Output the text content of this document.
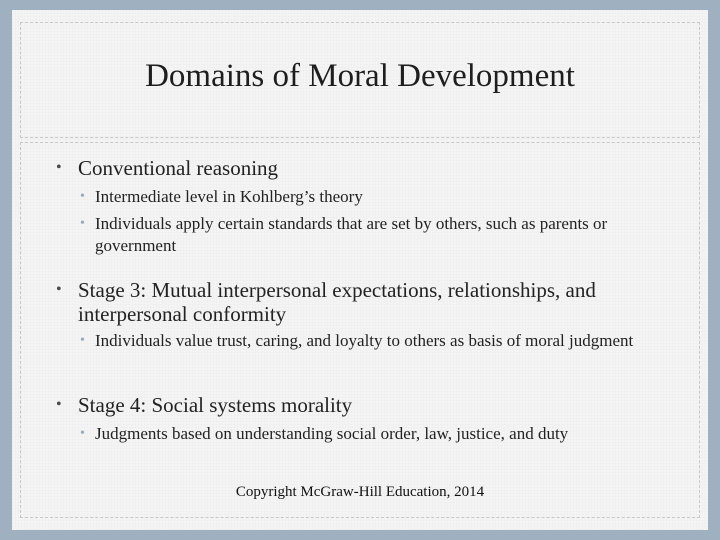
Domains of Moral Development
• Conventional reasoning
• Intermediate level in Kohlberg’s theory
• Individuals apply certain standards that are set by others, such as parents or government
• Stage 3: Mutual interpersonal expectations, relationships, and interpersonal conformity
• Individuals value trust, caring, and loyalty to others as basis of moral judgment
• Stage 4: Social systems morality
• Judgments based on understanding social order, law, justice, and duty
Copyright McGraw-Hill Education, 2014
